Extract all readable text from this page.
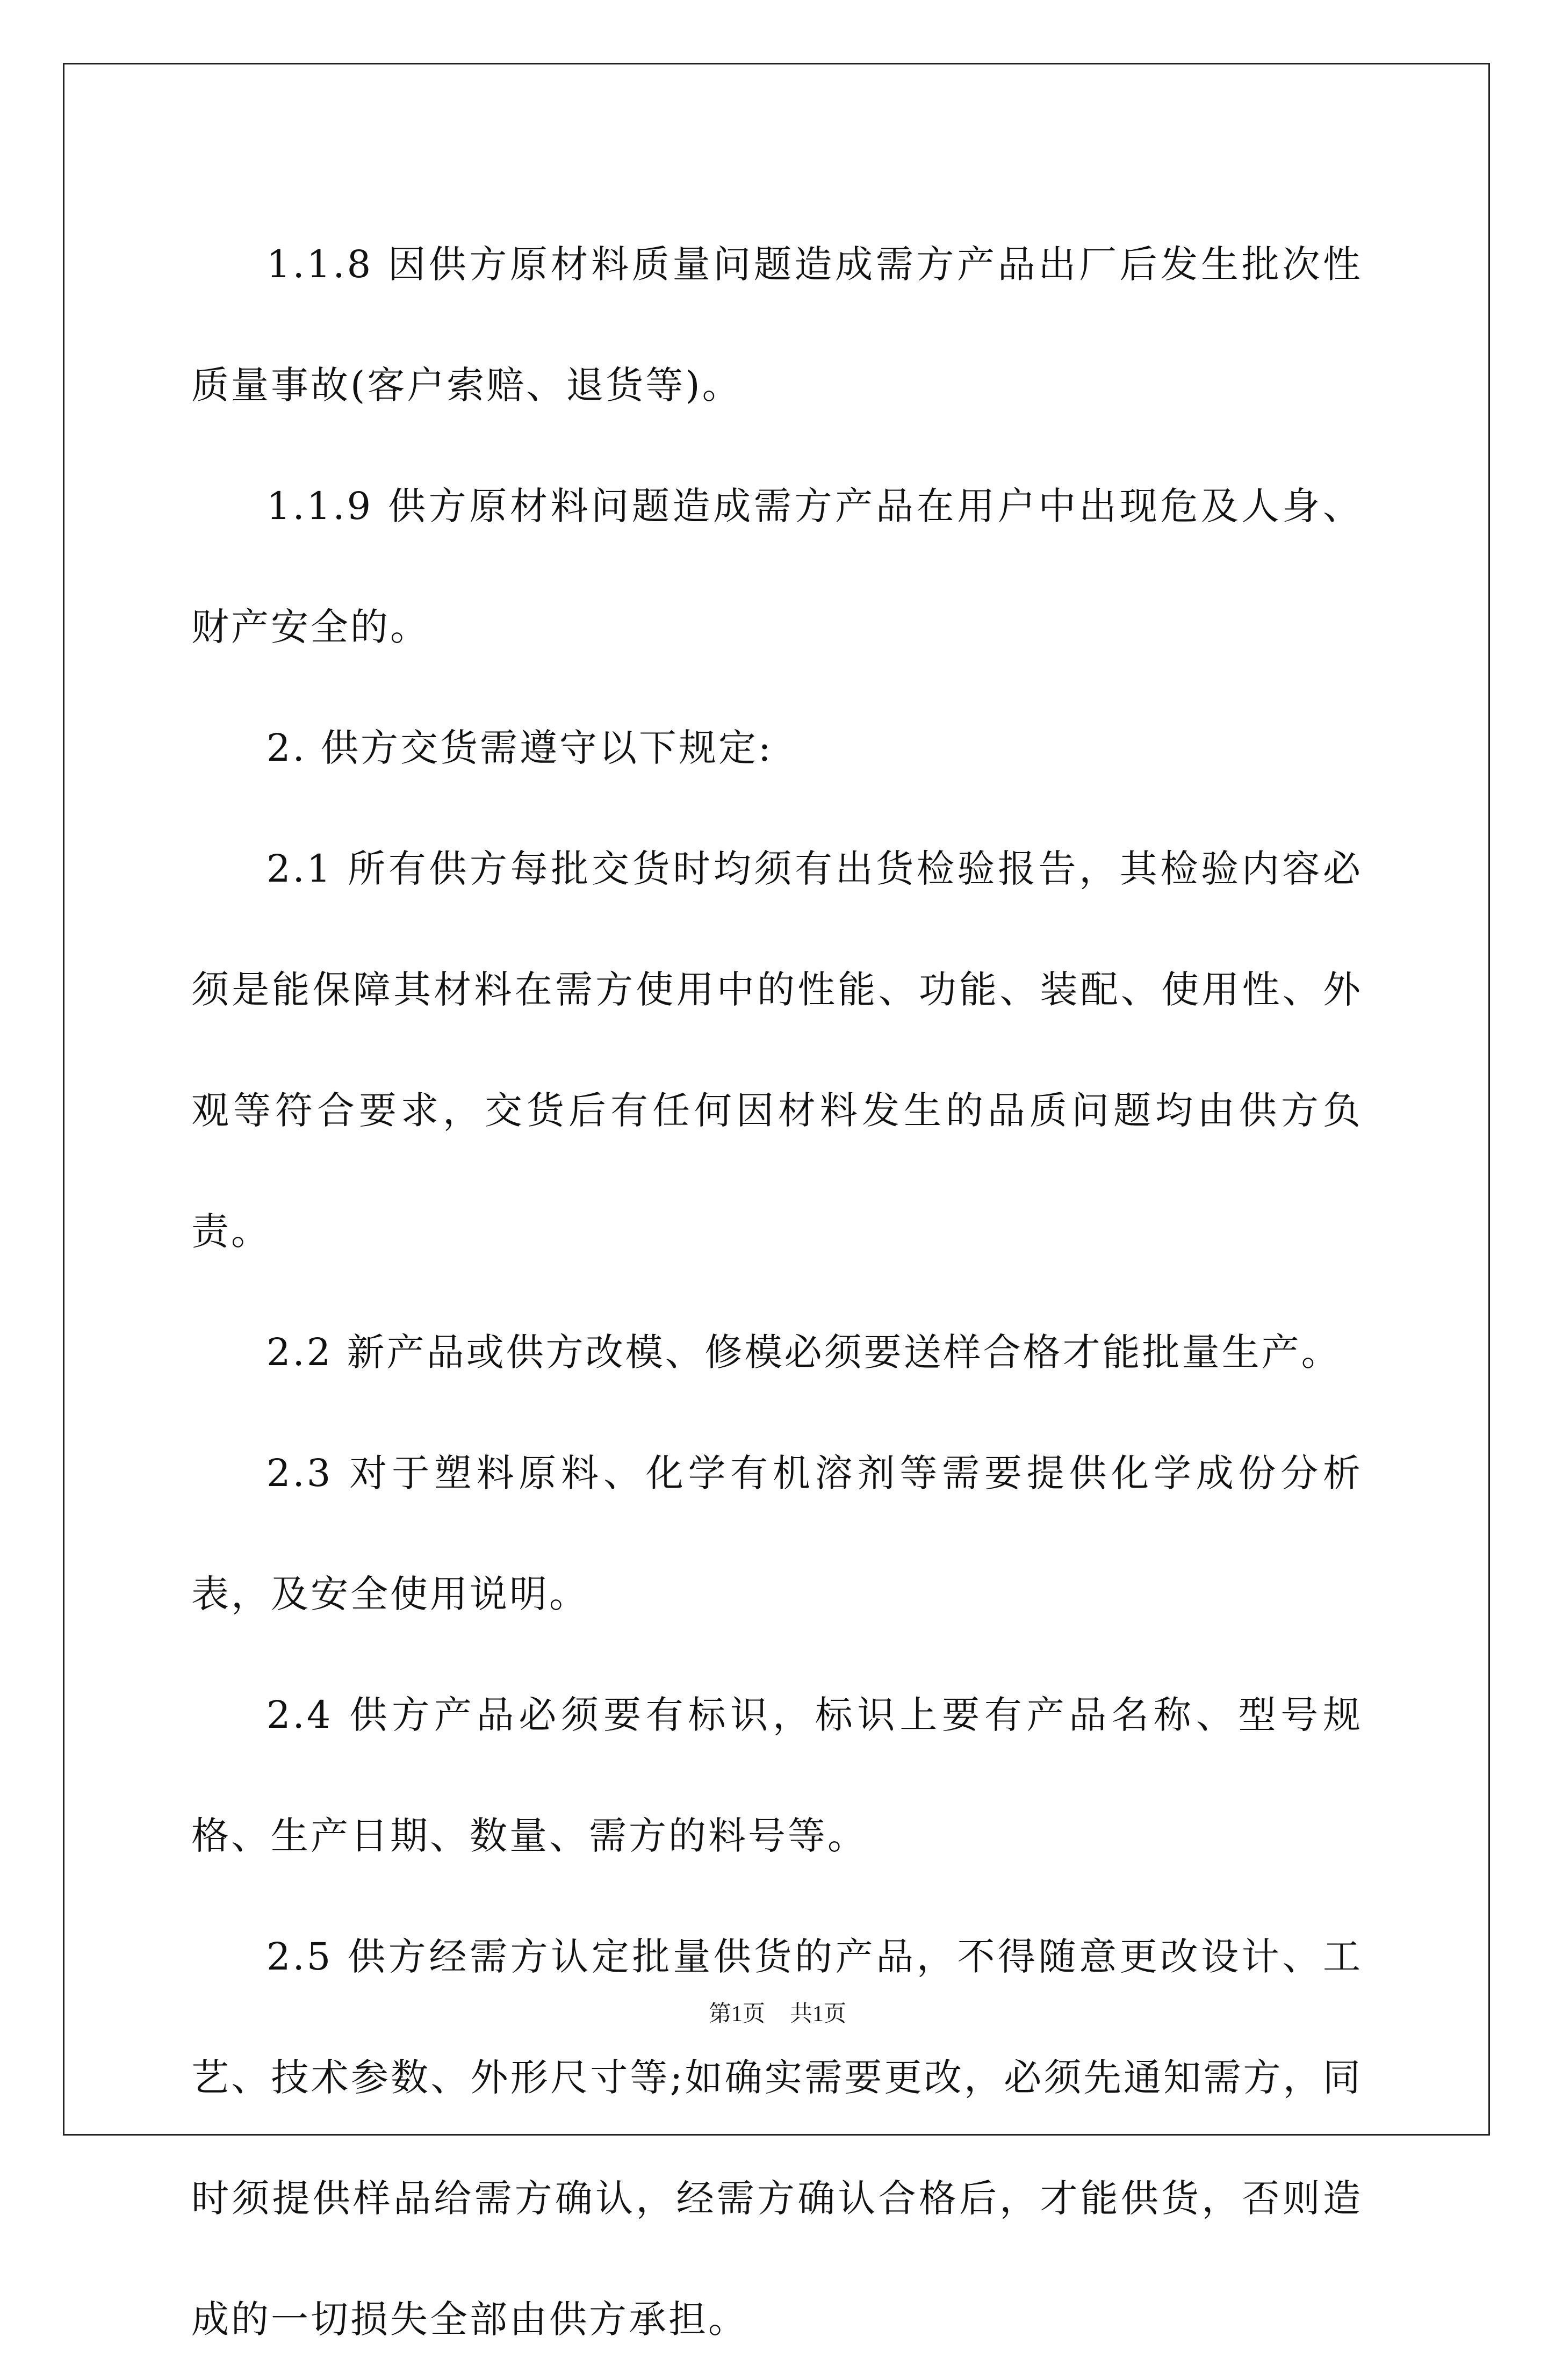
1.1.8 因供方原材料质量问题造成需方产品出厂后发生批次性质量事故(客户索赔、退货等)。

1.1.9 供方原材料问题造成需方产品在用户中出现危及人身、财产安全的。

2. 供方交货需遵守以下规定:

2.1 所有供方每批交货时均须有出货检验报告，其检验内容必须是能保障其材料在需方使用中的性能、功能、装配、使用性、外观等符合要求，交货后有任何因材料发生的品质问题均由供方负责。

2.2 新产品或供方改模、修模必须要送样合格才能批量生产。

2.3 对于塑料原料、化学有机溶剂等需要提供化学成份分析表，及安全使用说明。

2.4 供方产品必须要有标识，标识上要有产品名称、型号规格、生产日期、数量、需方的料号等。

2.5 供方经需方认定批量供货的产品，不得随意更改设计、工艺、技术参数、外形尺寸等;如确实需要更改，必须先通知需方，同时须提供样品给需方确认，经需方确认合格后，才能供货，否则造成的一切损失全部由供方承担。

第1页 共1页
